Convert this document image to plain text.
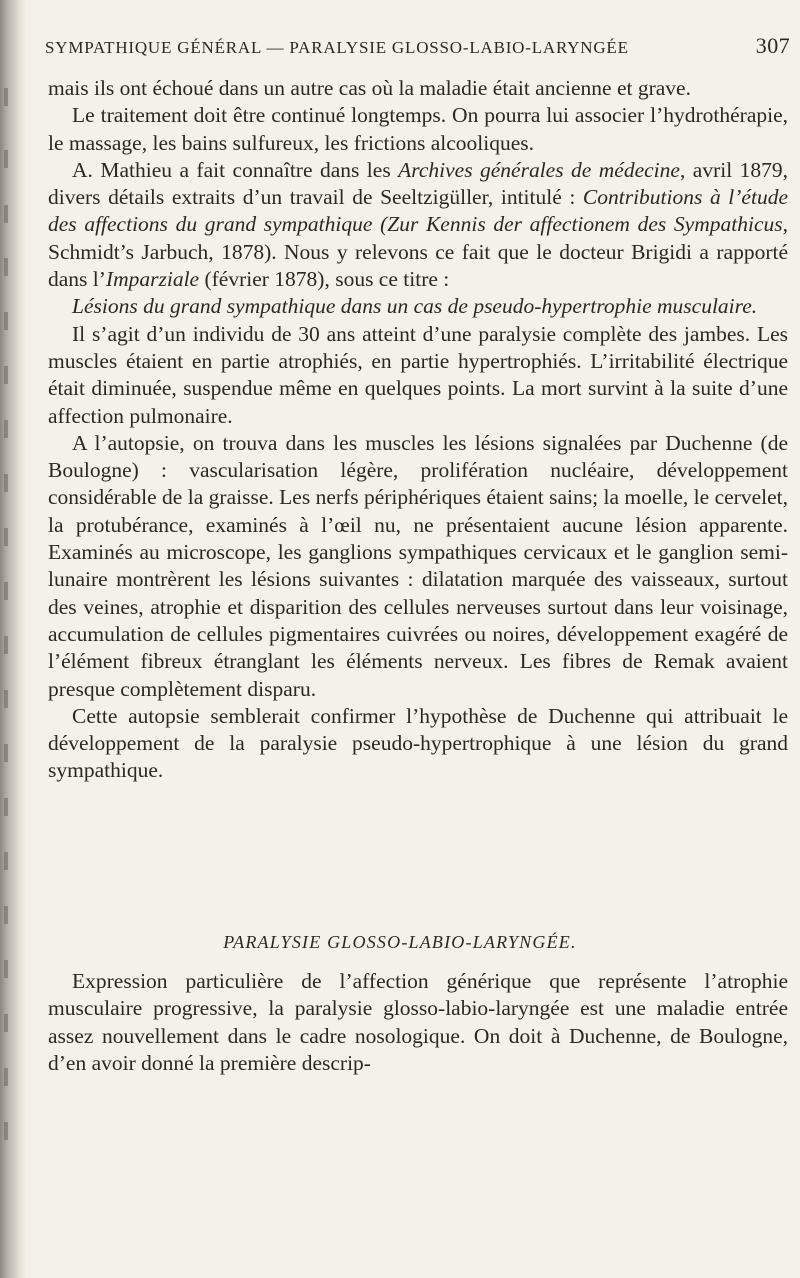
SYMPATHIQUE GÉNÉRAL — PARALYSIE GLOSSO-LABIO-LARYNGÉE	307

mais ils ont échoué dans un autre cas où la maladie était ancienne et grave.

Le traitement doit être continué longtemps. On pourra lui associer l’hydrothérapie, le massage, les bains sulfureux, les frictions alcooliques.

A. Mathieu a fait connaître dans les Archives générales de médecine, avril 1879, divers détails extraits d’un travail de Seeltzigüller, intitulé : Contributions à l’étude des affections du grand sympathique (Zur Kennis der affectionem des Sympathicus, Schmidt’s Jarbuch, 1878). Nous y relevons ce fait que le docteur Brigidi a rapporté dans l’Imparziale (février 1878), sous ce titre :

Lésions du grand sympathique dans un cas de pseudo-hypertrophie musculaire.

Il s’agit d’un individu de 30 ans atteint d’une paralysie complète des jambes. Les muscles étaient en partie atrophiés, en partie hypertrophiés. L’irritabilité électrique était diminuée, suspendue même en quelques points. La mort survint à la suite d’une affection pulmonaire.

A l’autopsie, on trouva dans les muscles les lésions signalées par Duchenne (de Boulogne) : vascularisation légère, prolifération nucléaire, développement considérable de la graisse. Les nerfs périphériques étaient sains; la moelle, le cervelet, la protubérance, examinés à l’œil nu, ne présentaient aucune lésion apparente. Examinés au microscope, les ganglions sympathiques cervicaux et le ganglion semi-lunaire montrèrent les lésions suivantes : dilatation marquée des vaisseaux, surtout des veines, atrophie et disparition des cellules nerveuses surtout dans leur voisinage, accumulation de cellules pigmentaires cuivrées ou noires, développement exagéré de l’élément fibreux étranglant les éléments nerveux. Les fibres de Remak avaient presque complètement disparu.

Cette autopsie semblerait confirmer l’hypothèse de Duchenne qui attribuait le développement de la paralysie pseudo-hypertrophique à une lésion du grand sympathique.

PARALYSIE GLOSSO-LABIO-LARYNGÉE.

Expression particulière de l’affection générique que représente l’atrophie musculaire progressive, la paralysie glosso-labio-laryngée est une maladie entrée assez nouvellement dans le cadre nosologique. On doit à Duchenne, de Boulogne, d’en avoir donné la première descrip-
